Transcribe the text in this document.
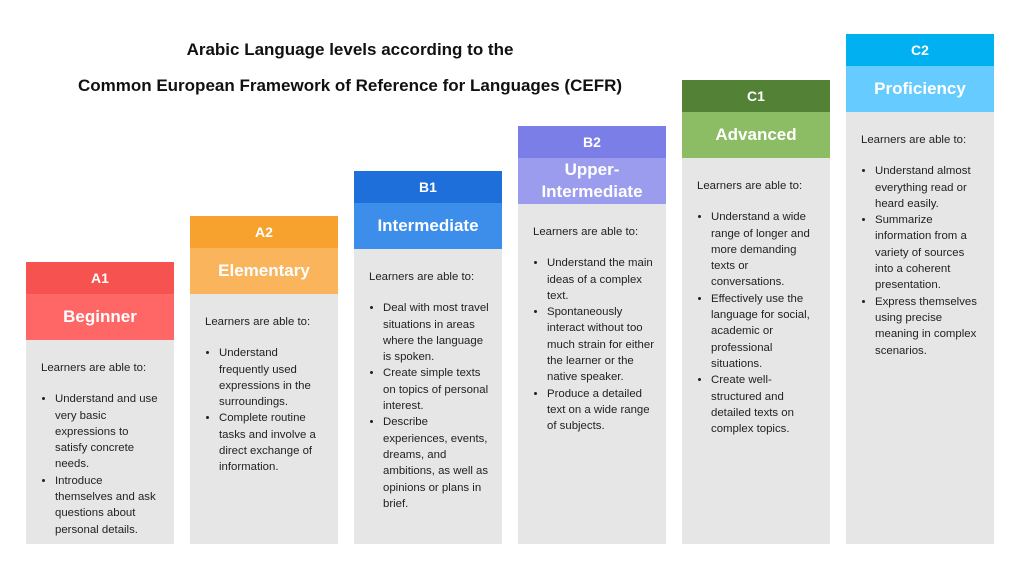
Arabic Language levels according to the
Common European Framework of Reference for Languages (CEFR)
A1
Beginner
Learners are able to:
• Understand and use very basic expressions to satisfy concrete needs.
• Introduce themselves and ask questions about personal details.
A2
Elementary
Learners are able to:
• Understand frequently used expressions in the surroundings.
• Complete routine tasks and involve a direct exchange of information.
B1
Intermediate
Learners are able to:
• Deal with most travel situations in areas where the language is spoken.
• Create simple texts on topics of personal interest.
• Describe experiences, events, dreams, and ambitions, as well as opinions or plans in brief.
B2
Upper-Intermediate
Learners are able to:
• Understand the main ideas of a complex text.
• Spontaneously interact without too much strain for either the learner or the native speaker.
• Produce a detailed text on a wide range of subjects.
C1
Advanced
Learners are able to:
• Understand a wide range of longer and more demanding texts or conversations.
• Effectively use the language for social, academic or professional situations.
• Create well-structured and detailed texts on complex topics.
C2
Proficiency
Learners are able to:
• Understand almost everything read or heard easily.
• Summarize information from a variety of sources into a coherent presentation.
• Express themselves using precise meaning in complex scenarios.
